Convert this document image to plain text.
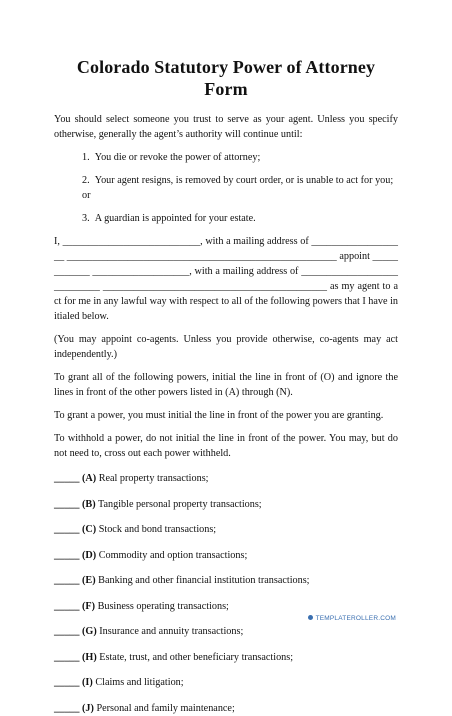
Colorado Statutory Power of Attorney Form

You should select someone you trust to serve as your agent. Unless you specify otherwise, generally the agent’s authority will continue until:

1. You die or revoke the power of attorney;
2. Your agent resigns, is removed by court order, or is unable to act for you; or
3. A guardian is appointed for your estate.

I, ___________________________, with a mailing address of ___________________ _____________________________________________________ appoint ____________ ___________________, with a mailing address of ____________________________ ____________________________________________ as my agent to act for me in any lawful way with respect to all of the following powers that I have initialed below.

(You may appoint co-agents. Unless you provide otherwise, co-agents may act independently.)

To grant all of the following powers, initial the line in front of (O) and ignore the lines in front of the other powers listed in (A) through (N).

To grant a power, you must initial the line in front of the power you are granting.

To withhold a power, do not initial the line in front of the power. You may, but do not need to, cross out each power withheld.

_____ (A) Real property transactions;
_____ (B) Tangible personal property transactions;
_____ (C) Stock and bond transactions;
_____ (D) Commodity and option transactions;
_____ (E) Banking and other financial institution transactions;
_____ (F) Business operating transactions;
_____ (G) Insurance and annuity transactions;
_____ (H) Estate, trust, and other beneficiary transactions;
_____ (I) Claims and litigation;
_____ (J) Personal and family maintenance;
TEMPLATEROLLER.COM
